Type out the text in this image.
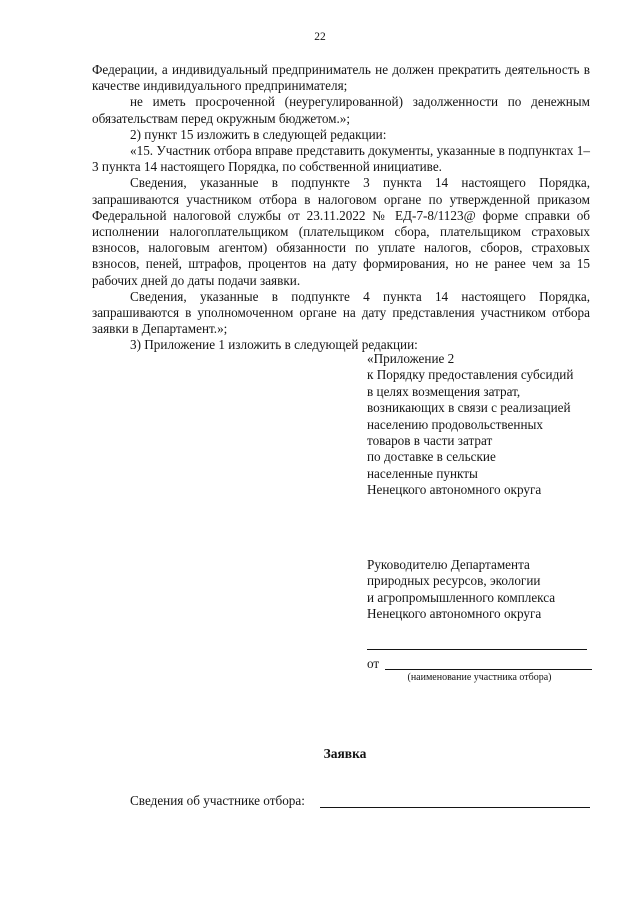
22

Федерации, а индивидуальный предприниматель не должен прекратить деятельность в качестве индивидуального предпринимателя;

не иметь просроченной (неурегулированной) задолженности по денежным обязательствам перед окружным бюджетом.»;

2) пункт 15 изложить в следующей редакции:

«15. Участник отбора вправе представить документы, указанные в подпунктах 1–3 пункта 14 настоящего Порядка, по собственной инициативе.

Сведения, указанные в подпункте 3 пункта 14 настоящего Порядка, запрашиваются участником отбора в налоговом органе по утвержденной приказом Федеральной налоговой службы от 23.11.2022 № ЕД-7-8/1123@ форме справки об исполнении налогоплательщиком (плательщиком сбора, плательщиком страховых взносов, налоговым агентом) обязанности по уплате налогов, сборов, страховых взносов, пеней, штрафов, процентов на дату формирования, но не ранее чем за 15 рабочих дней до даты подачи заявки.

Сведения, указанные в подпункте 4 пункта 14 настоящего Порядка, запрашиваются в уполномоченном органе на дату представления участником отбора заявки в Департамент.»;

3) Приложение 1 изложить в следующей редакции:

«Приложение 2
к Порядку предоставления субсидий
в целях возмещения затрат,
возникающих в связи с реализацией
населению продовольственных
товаров в части затрат
по доставке в сельские
населенные пункты
Ненецкого автономного округа
Руководителю Департамента
природных ресурсов, экологии
и агропромышленного комплекса
Ненецкого автономного округа
от
(наименование участника отбора)
Заявка
Сведения об участнике отбора:
